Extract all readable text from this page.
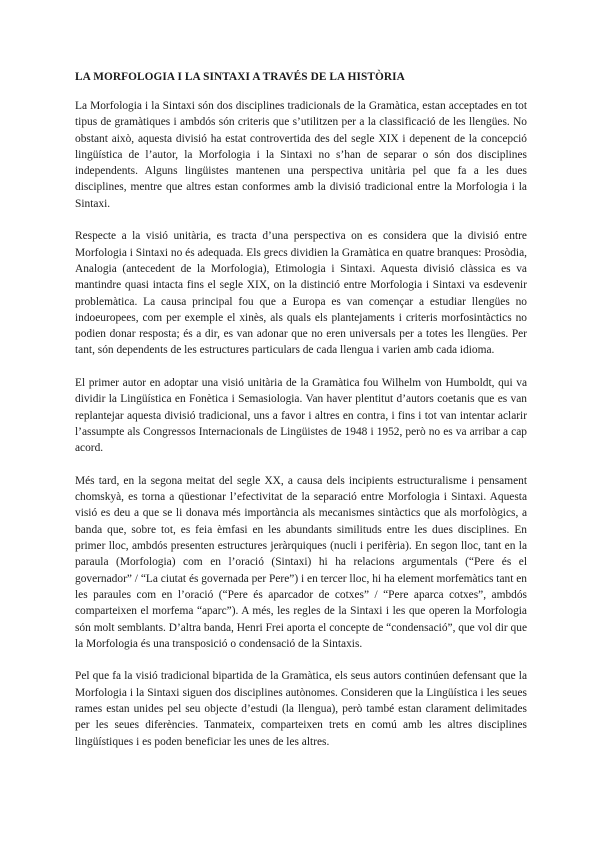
LA MORFOLOGIA I LA SINTAXI A TRAVÉS DE LA HISTÒRIA

La Morfologia i la Sintaxi són dos disciplines tradicionals de la Gramàtica, estan acceptades en tot tipus de gramàtiques i ambdós són criteris que s’utilitzen per a la classificació de les llengües. No obstant això, aquesta divisió ha estat controvertida des del segle XIX i depenent de la concepció lingüística de l’autor, la Morfologia i la Sintaxi no s’han de separar o són dos disciplines independents. Alguns lingüistes mantenen una perspectiva unitària pel que fa a les dues disciplines, mentre que altres estan conformes amb la divisió tradicional entre la Morfologia i la Sintaxi.

Respecte a la visió unitària, es tracta d’una perspectiva on es considera que la divisió entre Morfologia i Sintaxi no és adequada. Els grecs dividien la Gramàtica en quatre branques: Prosòdia, Analogia (antecedent de la Morfologia), Etimologia i Sintaxi. Aquesta divisió clàssica es va mantindre quasi intacta fins el segle XIX, on la distinció entre Morfologia i Sintaxi va esdevenir problemàtica. La causa principal fou que a Europa es van començar a estudiar llengües no indoeuropees, com per exemple el xinès, als quals els plantejaments i criteris morfosintàctics no podien donar resposta; és a dir, es van adonar que no eren universals per a totes les llengües. Per tant, són dependents de les estructures particulars de cada llengua i varien amb cada idioma.

El primer autor en adoptar una visió unitària de la Gramàtica fou Wilhelm von Humboldt, qui va dividir la Lingüística en Fonètica i Semasiologia. Van haver plentitut d’autors coetanis que es van replantejar aquesta divisió tradicional, uns a favor i altres en contra, i fins i tot van intentar aclarir l’assumpte als Congressos Internacionals de Lingüistes de 1948 i 1952, però no es va arribar a cap acord.

Més tard, en la segona meitat del segle XX, a causa dels incipients estructuralisme i pensament chomskyà, es torna a qüestionar l’efectivitat de la separació entre Morfologia i Sintaxi. Aquesta visió es deu a que se li donava més importància als mecanismes sintàctics que als morfològics, a banda que, sobre tot, es feia èmfasi en les abundants similituds entre les dues disciplines. En primer lloc, ambdós presenten estructures jeràrquiques (nucli i perifèria). En segon lloc, tant en la paraula (Morfologia) com en l’oració (Sintaxi) hi ha relacions argumentals (“Pere és el governador” / “La ciutat és governada per Pere”) i en tercer lloc, hi ha element morfemàtics tant en les paraules com en l’oració (“Pere és aparcador de cotxes” / “Pere aparca cotxes”, ambdós comparteixen el morfema “aparc”). A més, les regles de la Sintaxi i les que operen la Morfologia són molt semblants. D’altra banda, Henri Frei aporta el concepte de “condensació”, que vol dir que la Morfologia és una transposició o condensació de la Sintaxis.

Pel que fa la visió tradicional bipartida de la Gramàtica, els seus autors continúen defensant que la Morfologia i la Sintaxi siguen dos disciplines autònomes. Consideren que la Lingüística i les seues rames estan unides pel seu objecte d’estudi (la llengua), però també estan clarament delimitades per les seues diferències. Tanmateix, comparteixen trets en comú amb les altres disciplines lingüístiques i es poden beneficiar les unes de les altres.
